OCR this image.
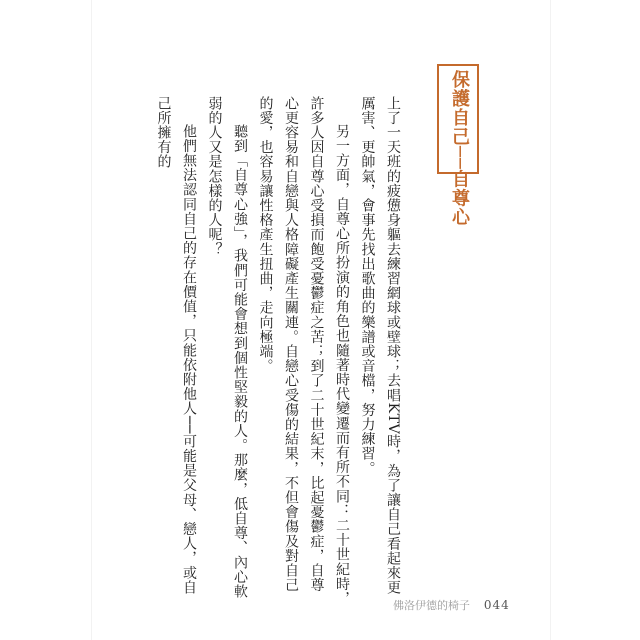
保護自己──自尊心

上了一天班的疲憊身軀去練習網球或壁球；去唱KTV時，為了讓自己看起來更厲害、更帥氣，會事先找出歌曲的樂譜或音檔，努力練習。

另一方面，自尊心所扮演的角色也隨著時代變遷而有所不同：二十世紀時，許多人因自尊心受損而飽受憂鬱症之苦；到了二十世紀末，比起憂鬱症，自尊心更容易和自戀與人格障礙產生關連。自戀心受傷的結果，不但會傷及對自己的愛，也容易讓性格產生扭曲，走向極端。

聽到「自尊心強」，我們可能會想到個性堅毅的人。那麼，低自尊、內心軟弱的人又是怎樣的人呢？

他們無法認同自己的存在價值，只能依附他人──可能是父母、戀人，或自己所擁有的

佛洛伊德的椅子 044
